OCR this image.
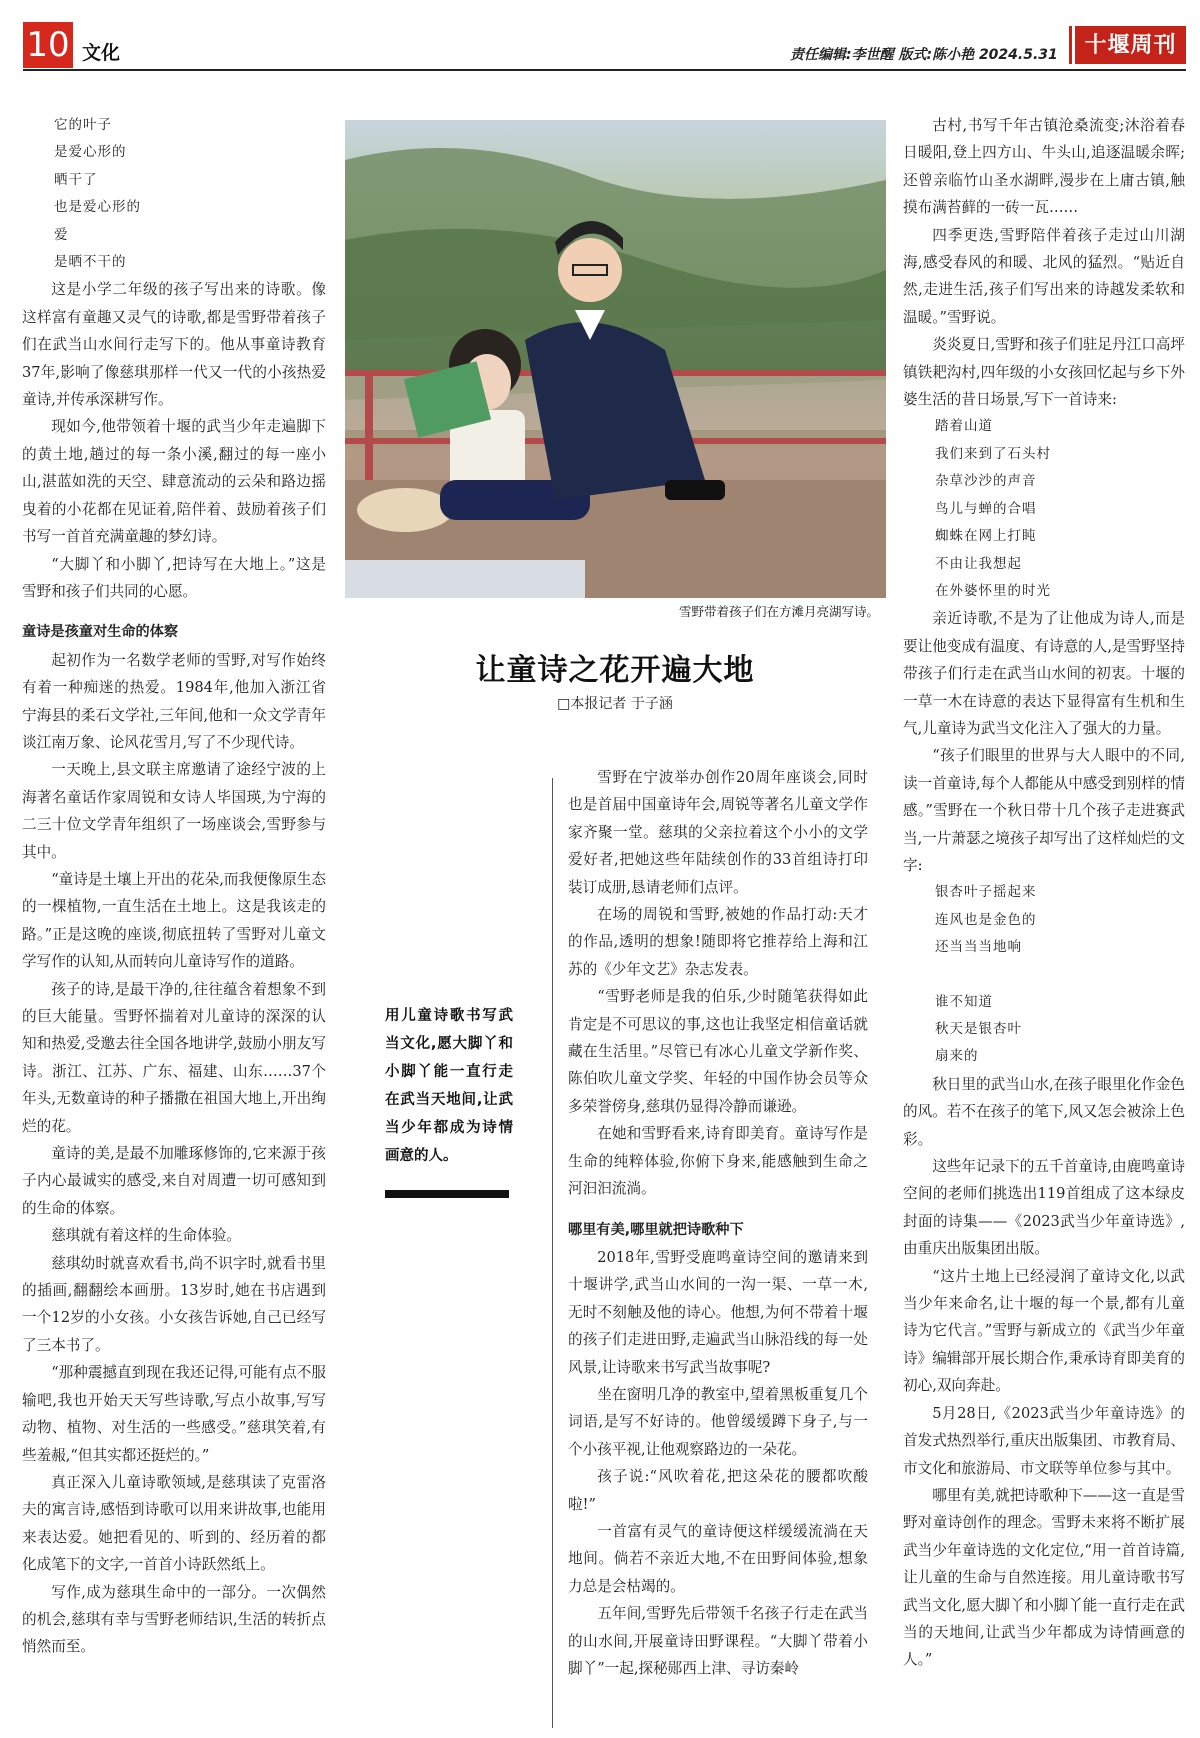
10 文化	责任编辑:李世醒 版式:陈小艳 2024.5.31	十堰周刊
它的叶子
是爱心形的
晒干了
也是爱心形的
爱
是晒不干的

这是小学二年级的孩子写出来的诗歌。像这样富有童趣又灵气的诗歌,都是雪野带着孩子们在武当山水间行走写下的。他从事童诗教育37年,影响了像慈琪那样一代又一代的小孩热爱童诗,并传承深耕写作。

现如今,他带领着十堰的武当少年走遍脚下的黄土地,趟过的每一条小溪,翻过的每一座小山,湛蓝如洗的天空、肆意流动的云朵和路边摇曳着的小花都在见证着,陪伴着、鼓励着孩子们书写一首首充满童趣的梦幻诗。

“大脚丫和小脚丫,把诗写在大地上。”这是雪野和孩子们共同的心愿。

童诗是孩童对生命的体察

起初作为一名数学老师的雪野,对写作始终有着一种痴迷的热爱。1984年,他加入浙江省宁海县的柔石文学社,三年间,他和一众文学青年谈江南万象、论风花雪月,写了不少现代诗。

一天晚上,县文联主席邀请了途经宁波的上海著名童话作家周锐和女诗人毕国瑛,为宁海的二三十位文学青年组织了一场座谈会,雪野参与其中。

“童诗是土壤上开出的花朵,而我便像原生态的一棵植物,一直生活在土地上。这是我该走的路。”正是这晚的座谈,彻底扭转了雪野对儿童文学写作的认知,从而转向儿童诗写作的道路。

孩子的诗,是最干净的,往往蕴含着想象不到的巨大能量。雪野怀揣着对儿童诗的深深的认知和热爱,受邀去往全国各地讲学,鼓励小朋友写诗。浙江、江苏、广东、福建、山东……37个年头,无数童诗的种子播撒在祖国大地上,开出绚烂的花。

童诗的美,是最不加雕琢修饰的,它来源于孩子内心最诚实的感受,来自对周遭一切可感知到的生命的体察。

慈琪就有着这样的生命体验。

慈琪幼时就喜欢看书,尚不识字时,就看书里的插画,翻翻绘本画册。13岁时,她在书店遇到一个12岁的小女孩。小女孩告诉她,自己已经写了三本书了。

“那种震撼直到现在我还记得,可能有点不服输吧,我也开始天天写些诗歌,写点小故事,写写动物、植物、对生活的一些感受。”慈琪笑着,有些羞赧,“但其实都还挺烂的。”

真正深入儿童诗歌领域,是慈琪读了克雷洛夫的寓言诗,感悟到诗歌可以用来讲故事,也能用来表达爱。她把看见的、听到的、经历着的都化成笔下的文字,一首首小诗跃然纸上。

写作,成为慈琪生命中的一部分。一次偶然的机会,慈琪有幸与雪野老师结识,生活的转折点悄然而至。

雪野带着孩子们在方滩月亮湖写诗。
让童诗之花开遍大地
□本报记者 于子涵
用儿童诗歌书写武当文化,愿大脚丫和小脚丫能一直行走在武当天地间,让武当少年都成为诗情画意的人。

雪野在宁波举办创作20周年座谈会,同时也是首届中国童诗年会,周锐等著名儿童文学作家齐聚一堂。慈琪的父亲拉着这个小小的文学爱好者,把她这些年陆续创作的33首组诗打印装订成册,恳请老师们点评。

在场的周锐和雪野,被她的作品打动:天才的作品,透明的想象!随即将它推荐给上海和江苏的《少年文艺》杂志发表。

“雪野老师是我的伯乐,少时随笔获得如此肯定是不可思议的事,这也让我坚定相信童话就藏在生活里。”尽管已有冰心儿童文学新作奖、陈伯吹儿童文学奖、年轻的中国作协会员等众多荣誉傍身,慈琪仍显得冷静而谦逊。

在她和雪野看来,诗育即美育。童诗写作是生命的纯粹体验,你俯下身来,能感触到生命之河汩汩流淌。

哪里有美,哪里就把诗歌种下

2018年,雪野受鹿鸣童诗空间的邀请来到十堰讲学,武当山水间的一沟一渠、一草一木,无时不刻触及他的诗心。他想,为何不带着十堰的孩子们走进田野,走遍武当山脉沿线的每一处风景,让诗歌来书写武当故事呢?

坐在窗明几净的教室中,望着黑板重复几个词语,是写不好诗的。他曾缓缓蹲下身子,与一个小孩平视,让他观察路边的一朵花。

孩子说:“风吹着花,把这朵花的腰都吹酸啦!”

一首富有灵气的童诗便这样缓缓流淌在天地间。倘若不亲近大地,不在田野间体验,想象力总是会枯竭的。

五年间,雪野先后带领千名孩子行走在武当的山水间,开展童诗田野课程。“大脚丫带着小脚丫”一起,探秘郧西上津、寻访秦岭

古村,书写千年古镇沧桑流变;沐浴着春日暖阳,登上四方山、牛头山,追逐温暖余晖;还曾亲临竹山圣水湖畔,漫步在上庸古镇,触摸布满苔藓的一砖一瓦……

四季更迭,雪野陪伴着孩子走过山川湖海,感受春风的和暖、北风的猛烈。“贴近自然,走进生活,孩子们写出来的诗越发柔软和温暖。”雪野说。

炎炎夏日,雪野和孩子们驻足丹江口高坪镇铁耙沟村,四年级的小女孩回忆起与乡下外婆生活的昔日场景,写下一首诗来:

踏着山道
我们来到了石头村
杂草沙沙的声音
鸟儿与蝉的合唱
蜘蛛在网上打盹
不由让我想起
在外婆怀里的时光

亲近诗歌,不是为了让他成为诗人,而是要让他变成有温度、有诗意的人,是雪野坚持带孩子们行走在武当山水间的初衷。十堰的一草一木在诗意的表达下显得富有生机和生气,儿童诗为武当文化注入了强大的力量。

“孩子们眼里的世界与大人眼中的不同,读一首童诗,每个人都能从中感受到别样的情感。”雪野在一个秋日带十几个孩子走进赛武当,一片萧瑟之境孩子却写出了这样灿烂的文字:

银杏叶子摇起来
连风也是金色的
还当当当地响
谁不知道
秋天是银杏叶
扇来的

秋日里的武当山水,在孩子眼里化作金色的风。若不在孩子的笔下,风又怎会被涂上色彩。

这些年记录下的五千首童诗,由鹿鸣童诗空间的老师们挑选出119首组成了这本绿皮封面的诗集——《2023武当少年童诗选》,由重庆出版集团出版。

“这片土地上已经浸润了童诗文化,以武当少年来命名,让十堰的每一个景,都有儿童诗为它代言。”雪野与新成立的《武当少年童诗》编辑部开展长期合作,秉承诗育即美育的初心,双向奔赴。

5月28日,《2023武当少年童诗选》的首发式热烈举行,重庆出版集团、市教育局、市文化和旅游局、市文联等单位参与其中。

哪里有美,就把诗歌种下——这一直是雪野对童诗创作的理念。雪野未来将不断扩展武当少年童诗选的文化定位,“用一首首诗篇,让儿童的生命与自然连接。用儿童诗歌书写武当文化,愿大脚丫和小脚丫能一直行走在武当的天地间,让武当少年都成为诗情画意的人。”
